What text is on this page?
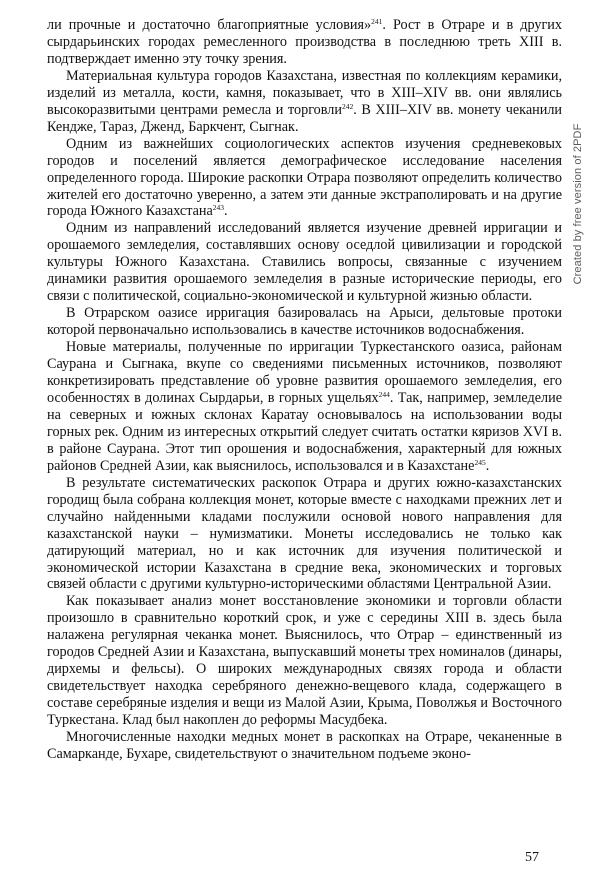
ли прочные и достаточно благоприятные условия»$^{241}$. Рост в Отраре и в других сырдарьинских городах ремесленного производства в последнюю треть XIII в. подтверждает именно эту точку зрения.

Материальная культура городов Казахстана, известная по коллекциям керамики, изделий из металла, кости, камня, показывает, что в XIII–XIV вв. они являлись высокоразвитыми центрами ремесла и торговли$^{242}$. В XIII–XIV вв. монету чеканили Кендже, Тараз, Дженд, Баркчент, Сыгнак.

Одним из важнейших социологических аспектов изучения средневековых городов и поселений является демографическое исследование населения определенного города. Широкие раскопки Отрара позволяют определить количество жителей его достаточно уверенно, а затем эти данные экстраполировать и на другие города Южного Казахстана$^{243}$.

Одним из направлений исследований является изучение древней ирригации и орошаемого земледелия, составлявших основу оседлой цивилизации и городской культуры Южного Казахстана. Ставились вопросы, связанные с изучением динамики развития орошаемого земледелия в разные исторические периоды, его связи с политической, социально-экономической и культурной жизнью области.

В Отрарском оазисе ирригация базировалась на Арыси, дельтовые протоки которой первоначально использовались в качестве источников водоснабжения.

Новые материалы, полученные по ирригации Туркестанского оазиса, районам Саурана и Сыгнака, вкупе со сведениями письменных источников, позволяют конкретизировать представление об уровне развития орошаемого земледелия, его особенностях в долинах Сырдарьи, в горных ущельях$^{244}$. Так, например, земледелие на северных и южных склонах Каратау основывалось на использовании воды горных рек. Одним из интересных открытий следует считать остатки кяризов XVI в. в районе Саурана. Этот тип орошения и водоснабжения, характерный для южных районов Средней Азии, как выяснилось, использовался и в Казахстане$^{245}$.

В результате систематических раскопок Отрара и других южно-казахстанских городищ была собрана коллекция монет, которые вместе с находками прежних лет и случайно найденными кладами послужили основой нового направления для казахстанской науки – нумизматики. Монеты исследовались не только как датирующий материал, но и как источник для изучения политической и экономической истории Казахстана в средние века, экономических и торговых связей области с другими культурно-историческими областями Центральной Азии.

Как показывает анализ монет восстановление экономики и торговли области произошло в сравнительно короткий срок, и уже с середины XIII в. здесь была налажена регулярная чеканка монет. Выяснилось, что Отрар – единственный из городов Средней Азии и Казахстана, выпускавший монеты трех номиналов (динары, дирхемы и фельсы). О широких международных связях города и области свидетельствует находка серебряного денежно-вещевого клада, содержащего в составе серебряные изделия и вещи из Малой Азии, Крыма, Поволжья и Восточного Туркестана. Клад был накоплен до реформы Масудбека.

Многочисленные находки медных монет в раскопках на Отраре, чеканенные в Самарканде, Бухаре, свидетельствуют о значительном подъеме эконо-

57
Created by free version of 2PDF
